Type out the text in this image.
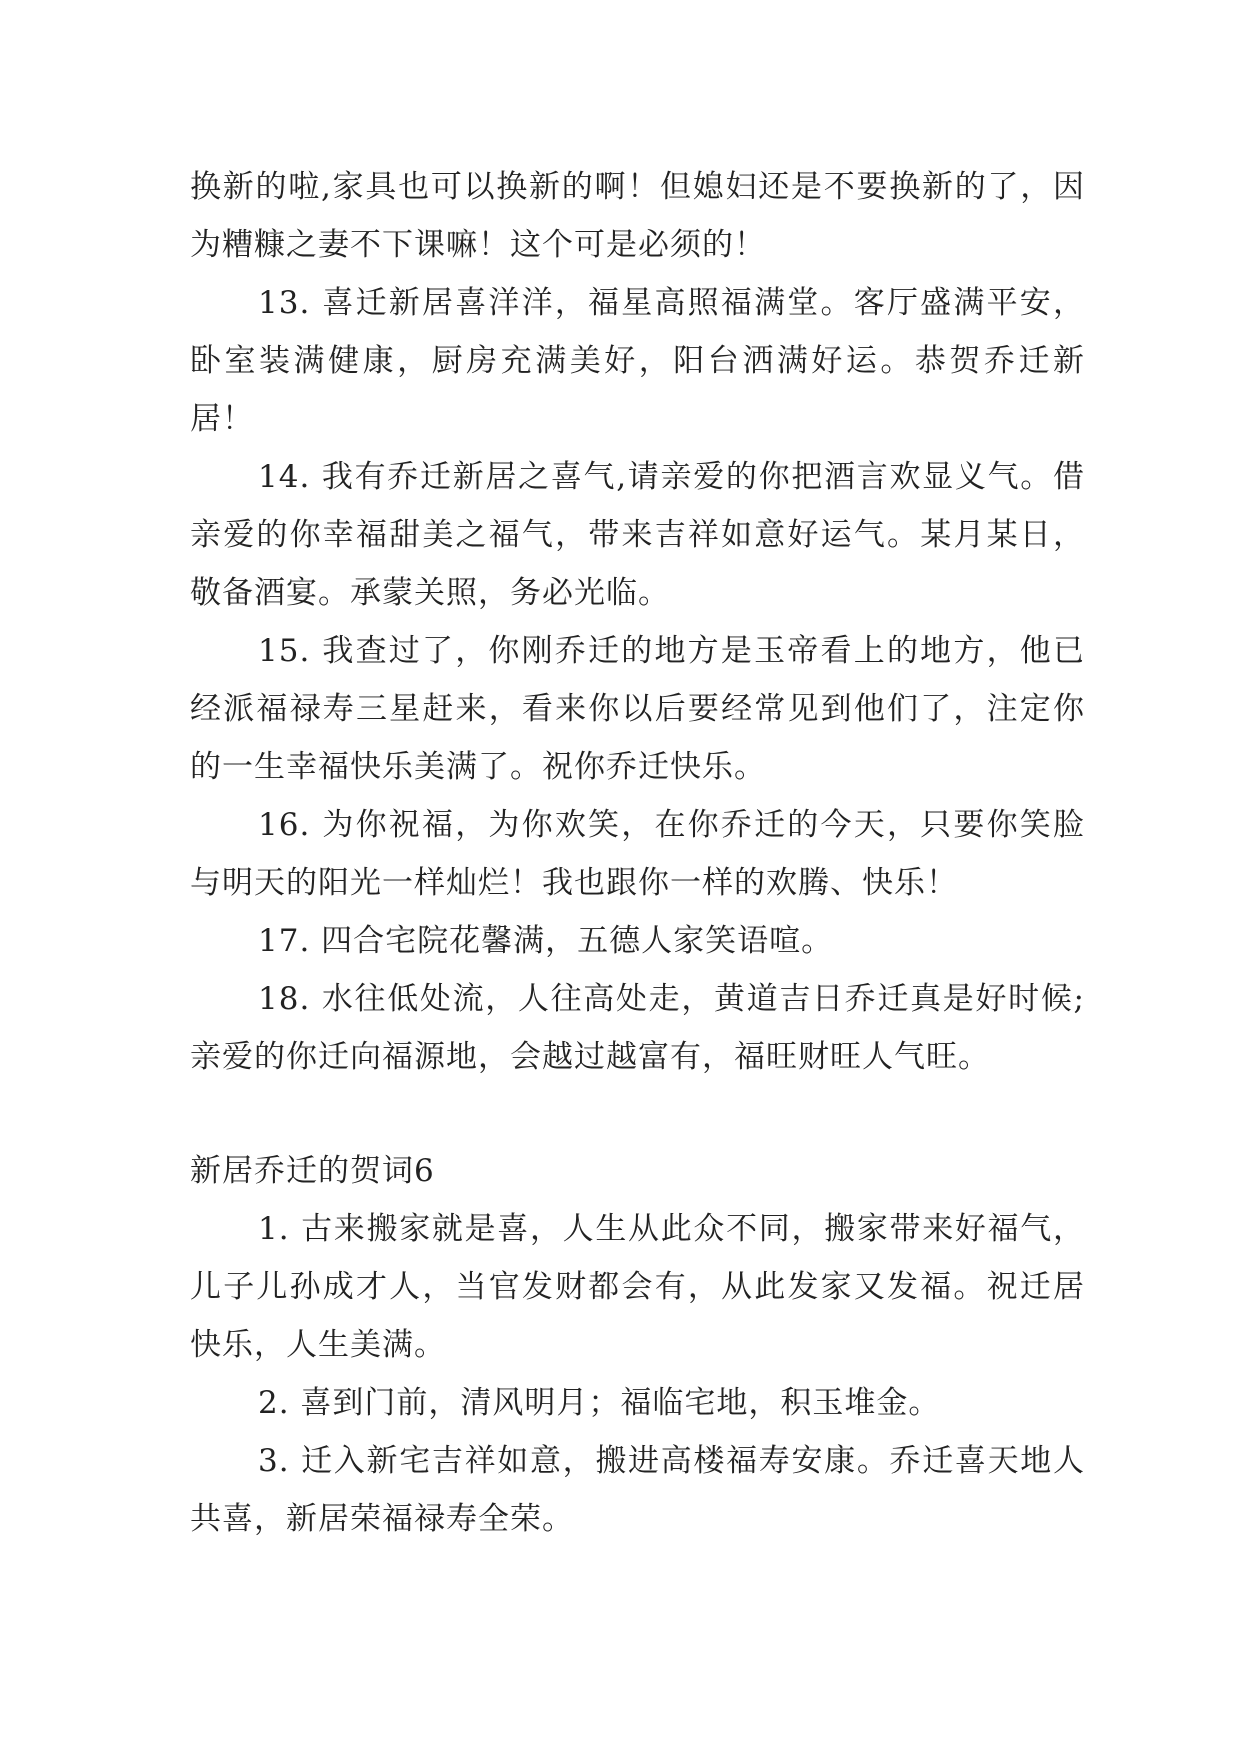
换新的啦,家具也可以换新的啊！但媳妇还是不要换新的了，因为糟糠之妻不下课嘛！这个可是必须的！

13. 喜迁新居喜洋洋，福星高照福满堂。客厅盛满平安，卧室装满健康，厨房充满美好，阳台洒满好运。恭贺乔迁新居！

14. 我有乔迁新居之喜气,请亲爱的你把酒言欢显义气。借亲爱的你幸福甜美之福气，带来吉祥如意好运气。某月某日，敬备酒宴。承蒙关照，务必光临。

15. 我查过了，你刚乔迁的地方是玉帝看上的地方，他已经派福禄寿三星赶来，看来你以后要经常见到他们了，注定你的一生幸福快乐美满了。祝你乔迁快乐。

16. 为你祝福，为你欢笑，在你乔迁的今天，只要你笑脸与明天的阳光一样灿烂！我也跟你一样的欢腾、快乐！

17. 四合宅院花馨满，五德人家笑语喧。

18. 水往低处流，人往高处走，黄道吉日乔迁真是好时候;亲爱的你迁向福源地，会越过越富有，福旺财旺人气旺。

新居乔迁的贺词6

1. 古来搬家就是喜，人生从此众不同，搬家带来好福气，儿子儿孙成才人，当官发财都会有，从此发家又发福。祝迁居快乐，人生美满。

2. 喜到门前，清风明月；福临宅地，积玉堆金。

3. 迁入新宅吉祥如意，搬进高楼福寿安康。乔迁喜天地人共喜，新居荣福禄寿全荣。
